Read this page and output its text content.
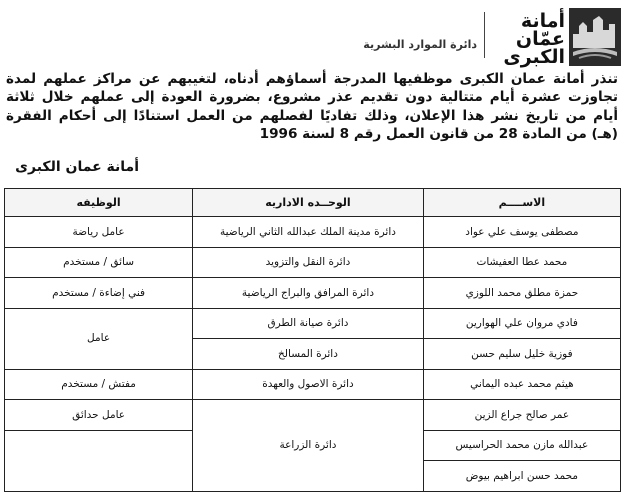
أمانة
عمّان
الكبرى
دائرة الموارد البشرية
تنذر أمانة عمان الكبرى موظفيها المدرجة أسماؤهم أدناه، لتغيبهم عن مراكز عملهم لمدة تجاوزت عشرة أيام متتالية دون تقديم عذر مشروع، بضرورة العودة إلى عملهم خلال ثلاثة أيام من تاريخ نشر هذا الإعلان، وذلك تفاديًا لفصلهم من العمل استنادًا إلى أحكام الفقرة (هـ) من المادة 28 من قانون العمل رقم 8 لسنة 1996
أمانة عمان الكبرى
الاســــم	الوحــده الاداريه	الوظيفه
مصطفى يوسف علي عواد	دائرة مدينة الملك عبدالله الثاني الرياضية	عامل رياضة
محمد عطا العفيشات	دائرة النقل والتزويد	سائق / مستخدم
حمزة مطلق محمد اللوزي	دائرة المرافق والبراج الرياضية	فني إضاءة / مستخدم
فادي مروان علي الهوارين	دائرة صيانة الطرق	عامل
فوزية خليل سليم حسن	دائرة المسالخ	
هيثم محمد عبده اليماني	دائرة الاصول والعهدة	مفتش / مستخدم
عمر صالح جراع الزين	دائرة الزراعة	عامل حدائق
عبدالله مازن محمد الحراسيس		
محمد حسن ابراهيم بيوض		
